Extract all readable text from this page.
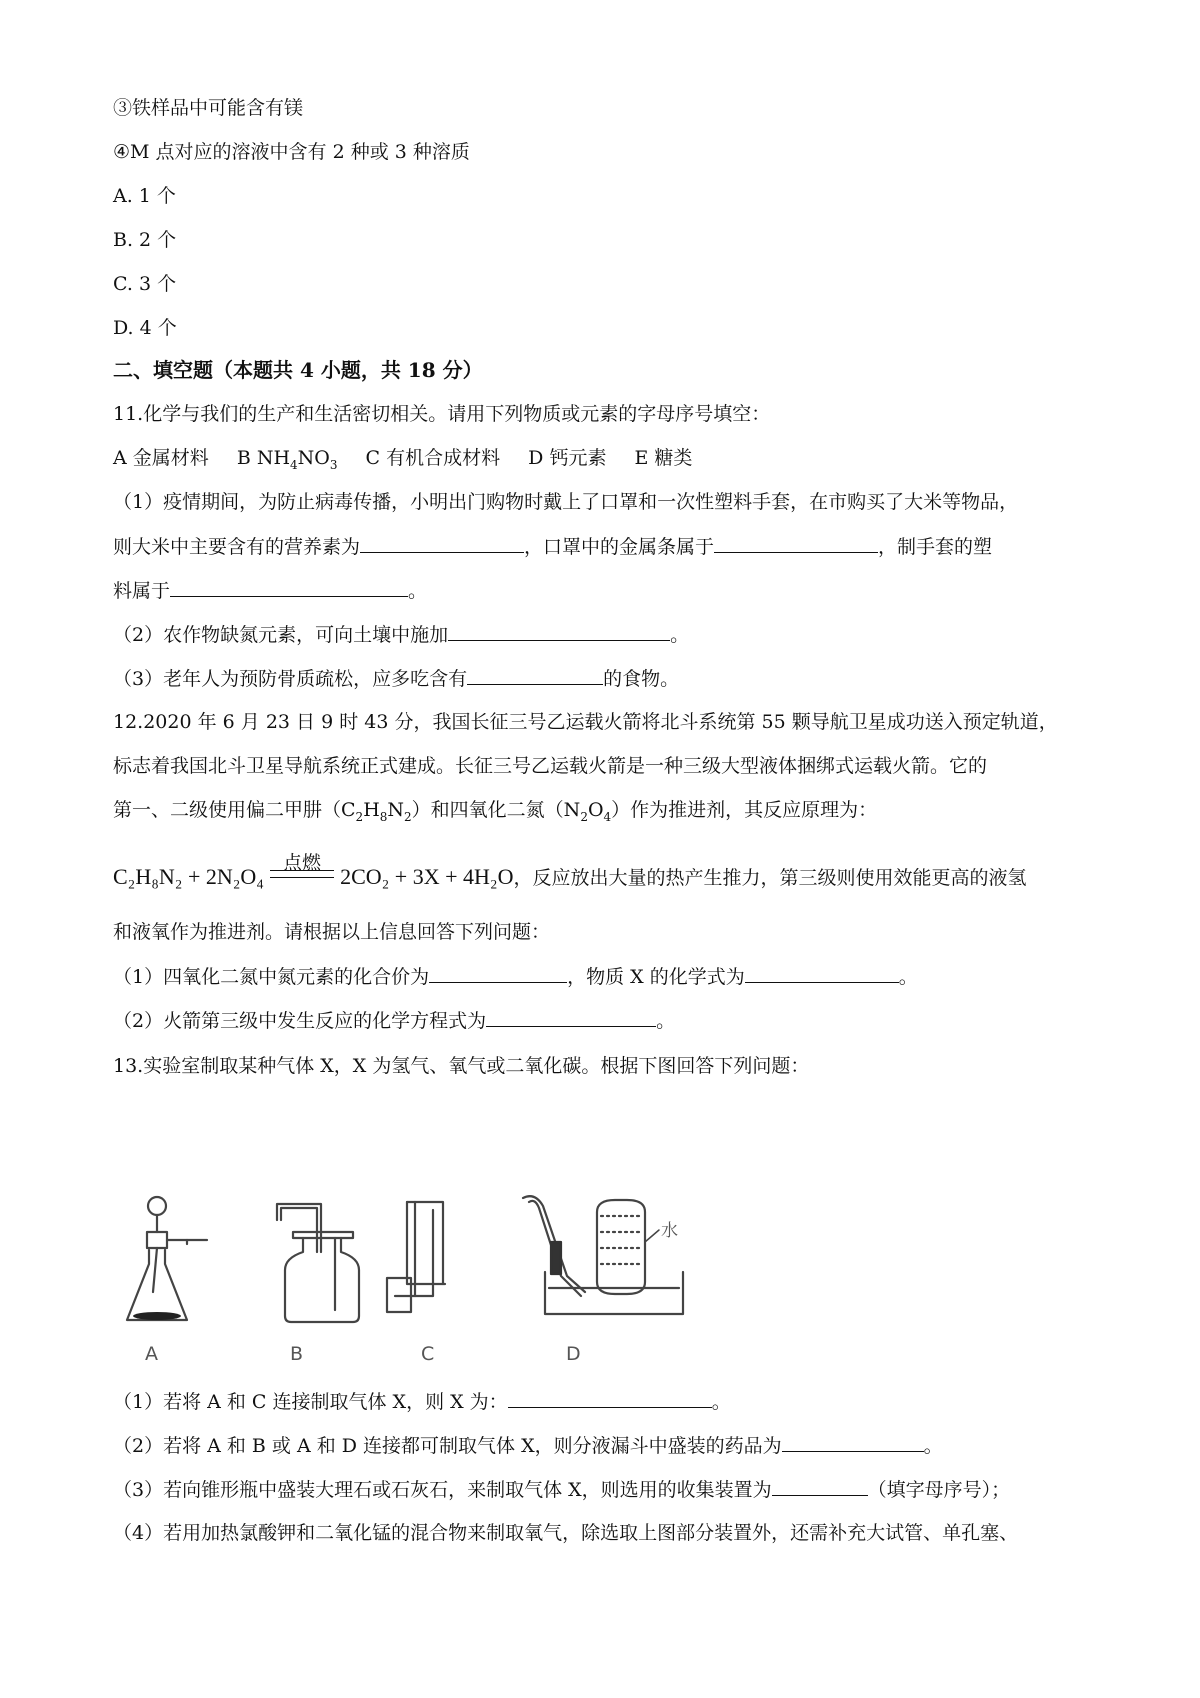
③铁样品中可能含有镁
④M 点对应的溶液中含有 2 种或 3 种溶质
A. 1 个
B. 2 个
C. 3 个
D. 4 个
二、填空题（本题共 4 小题，共 18 分）
11.化学与我们的生产和生活密切相关。请用下列物质或元素的字母序号填空：
A 金属材料 B $NH_4NO_3$ C 有机合成材料 D 钙元素 E 糖类
（1）疫情期间，为防止病毒传播，小明出门购物时戴上了口罩和一次性塑料手套，在市购买了大米等物品，
则大米中主要含有的营养素为	，口罩中的金属条属于	，制手套的塑
料属于	。
（2）农作物缺氮元素，可向土壤中施加	。
（3）老年人为预防骨质疏松，应多吃含有	的食物。
12.2020 年 6 月 23 日 9 时 43 分，我国长征三号乙运载火箭将北斗系统第 55 颗导航卫星成功送入预定轨道，
标志着我国北斗卫星导航系统正式建成。长征三号乙运载火箭是一种三级大型液体捆绑式运载火箭。它的
第一、二级使用偏二甲肼$(C_2H_8N_2)$和四氧化二氮$(N_2O_4)$作为推进剂，其反应原理为：
C₂H₈N₂ + 2N₂O₄
点燃
2CO₂ + 3X + 4H₂O，反应放出大量的热产生推力，第三级则使用效能更高的液氢
和液氧作为推进剂。请根据以上信息回答下列问题：
（1）四氧化二氮中氮元素的化合价为	，物质 X 的化学式为	。
（2）火箭第三级中发生反应的化学方程式为	。
13.实验室制取某种气体 X，X 为氢气、氧气或二氧化碳。根据下图回答下列问题：
水
A	B	C	D
（1）若将 A 和 C 连接制取气体 X，则 X 为：	。
（2）若将 A 和 B 或 A 和 D 连接都可制取气体 X，则分液漏斗中盛装的药品为	。
（3）若向锥形瓶中盛装大理石或石灰石，来制取气体 X，则选用的收集装置为	（填字母序号）；
（4）若用加热氯酸钾和二氧化锰的混合物来制取氧气，除选取上图部分装置外，还需补充大试管、单孔塞、
